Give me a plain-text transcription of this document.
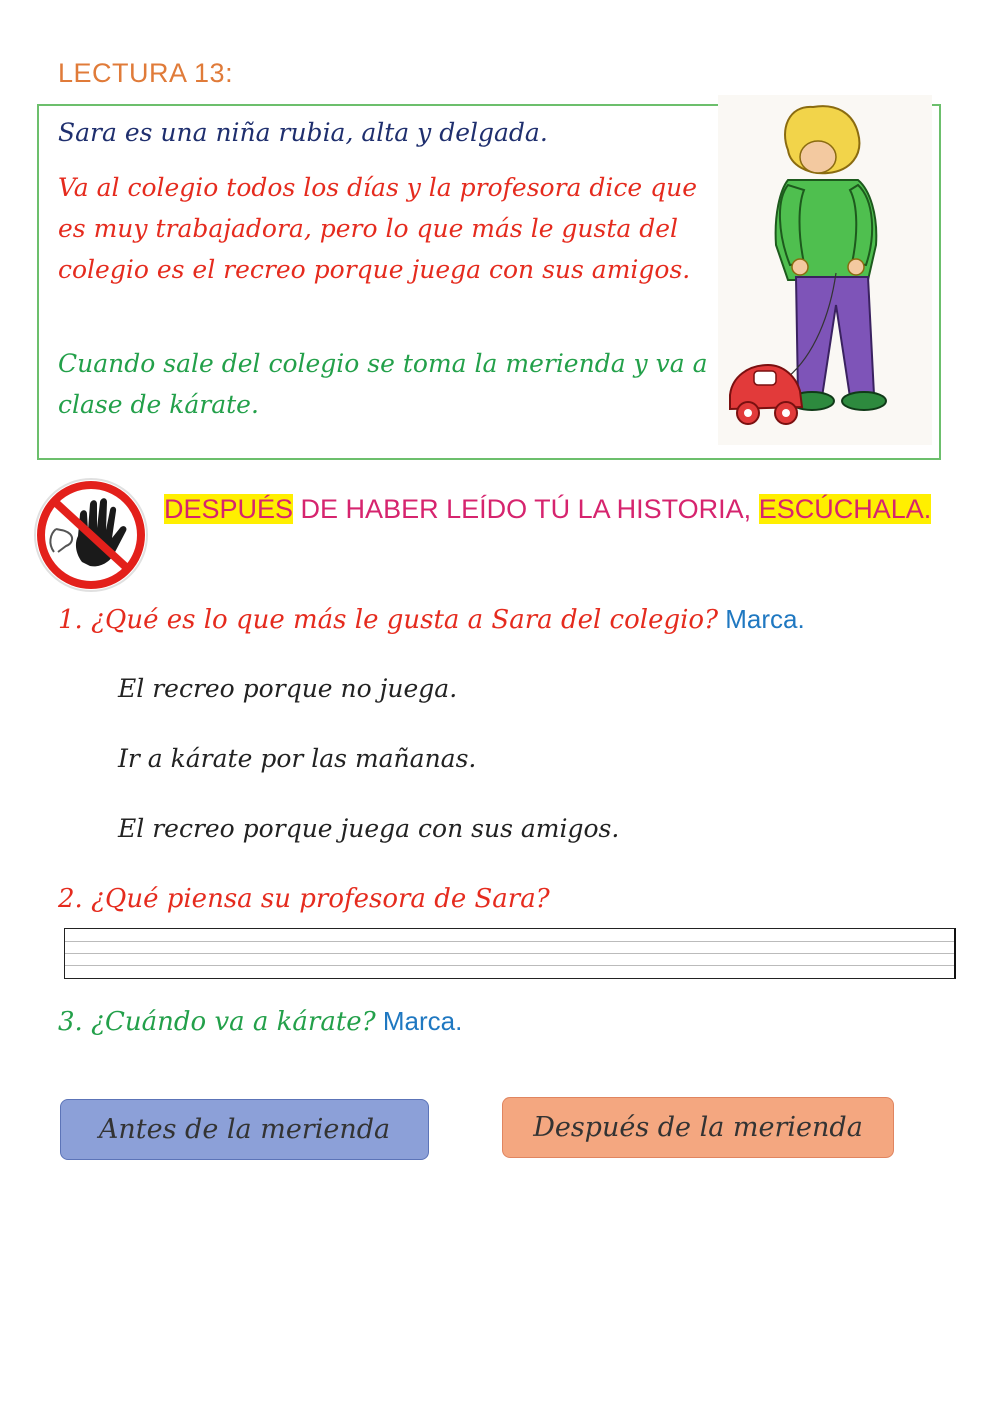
LECTURA 13:
Sara es una niña rubia, alta y delgada.
Va al colegio todos los días y la profesora dice que es muy trabajadora, pero lo que más le gusta del colegio es el recreo porque juega con sus amigos.
Cuando sale del colegio se toma la merienda y va a clase de kárate.
DESPUÉS DE HABER LEÍDO TÚ LA HISTORIA, ESCÚCHALA.
1. ¿Qué es lo que más le gusta a Sara del colegio? Marca.
El recreo porque no juega.
Ir a kárate por las mañanas.
El recreo porque juega con sus amigos.
2. ¿Qué piensa su profesora de Sara?
3. ¿Cuándo va a kárate? Marca.
Antes de la merienda	Después de la merienda
